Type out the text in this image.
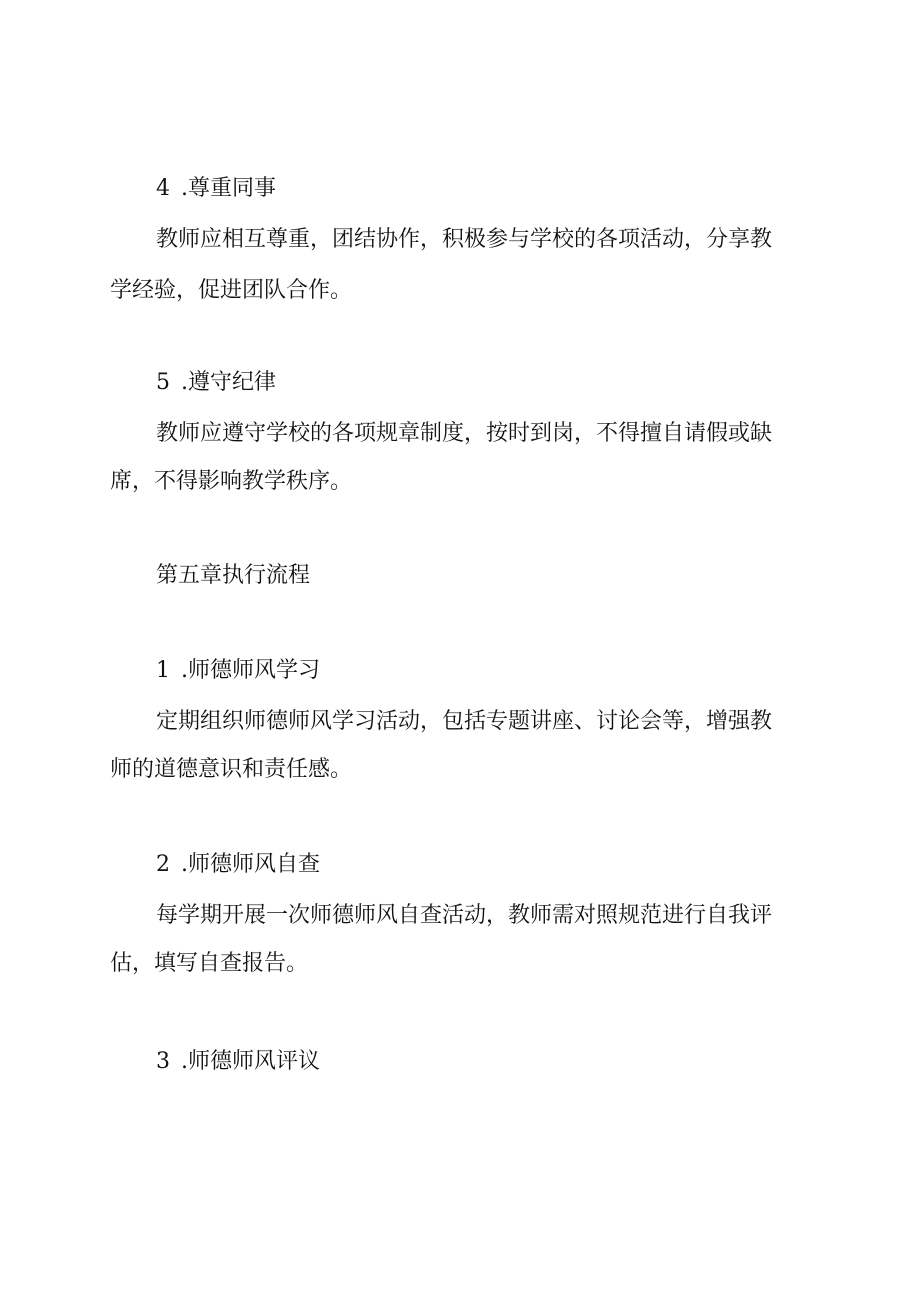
4 .尊重同事
教师应相互尊重，团结协作，积极参与学校的各项活动，分享教
学经验，促进团队合作。
5 .遵守纪律
教师应遵守学校的各项规章制度，按时到岗，不得擅自请假或缺
席，不得影响教学秩序。
第五章执行流程
1 .师德师风学习
定期组织师德师风学习活动，包括专题讲座、讨论会等，增强教
师的道德意识和责任感。
2 .师德师风自查
每学期开展一次师德师风自查活动，教师需对照规范进行自我评
估，填写自查报告。
3 .师德师风评议
